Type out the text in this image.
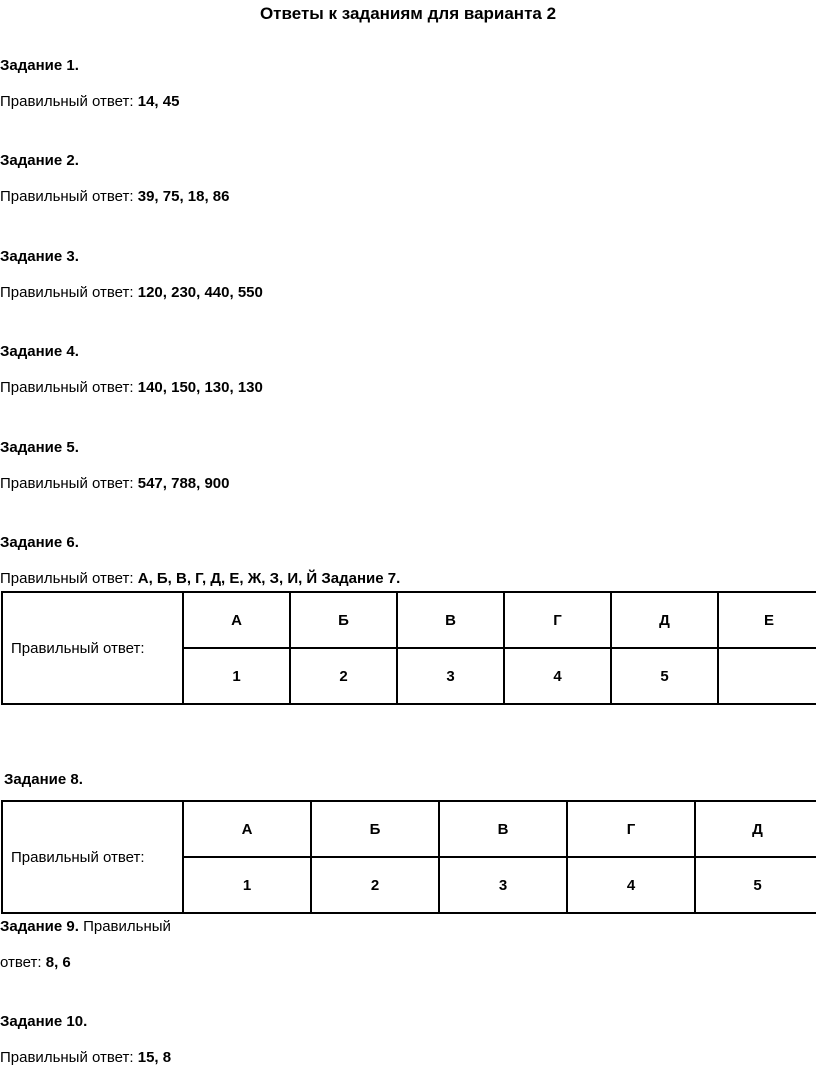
Ответы к заданиям для варианта 2
Задание 1.
Правильный ответ: 14, 45
Задание 2.
Правильный ответ: 39, 75, 18, 86
Задание 3.
Правильный ответ: 120, 230, 440, 550
Задание 4.
Правильный ответ: 140, 150, 130, 130
Задание 5.
Правильный ответ: 547, 788, 900
Задание 6.
Правильный ответ: А, Б, В, Г, Д, Е, Ж, З, И, Й Задание 7.
Правильный ответ:	А	Б	В	Г	Д	Е
	1	2	3	4	5	
Задание 8.
Правильный ответ:	А	Б	В	Г	Д
	1	2	3	4	5
Задание 9. Правильный
ответ: 8, 6
Задание 10.
Правильный ответ: 15, 8
